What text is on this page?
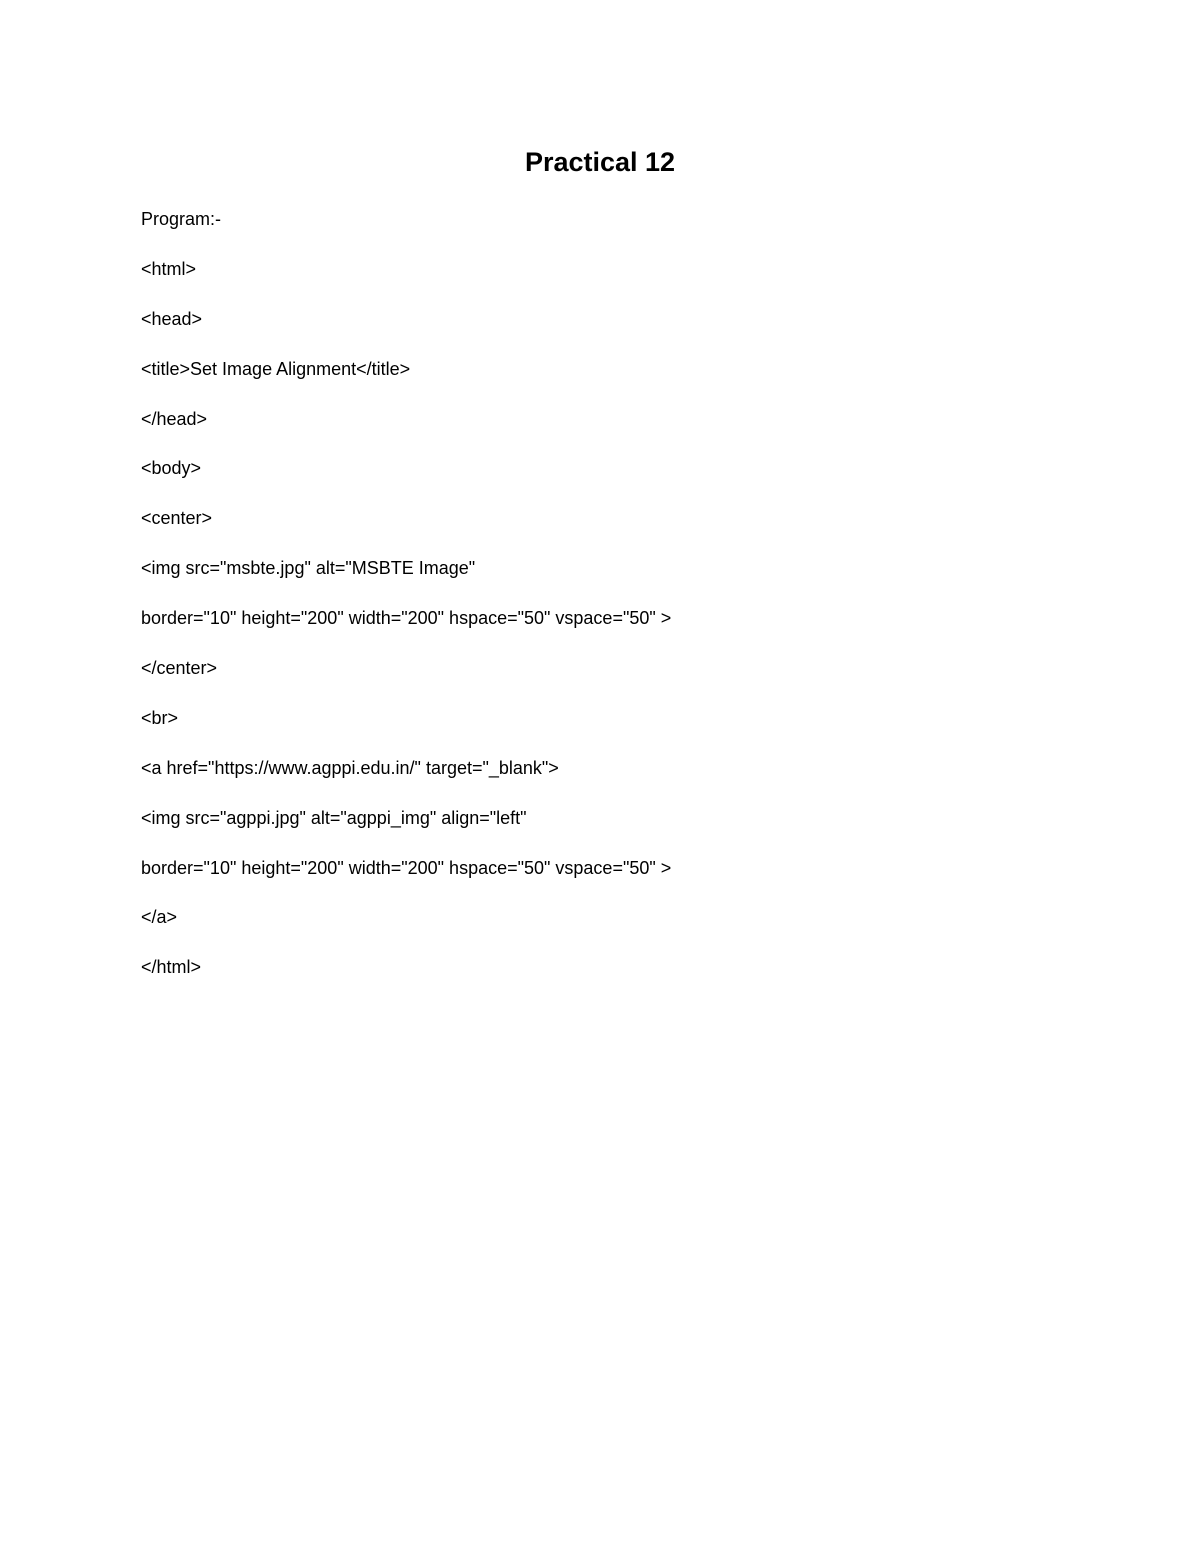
Practical 12
Program:-
<html>
<head>
<title>Set Image Alignment</title>
</head>
<body>
<center>
<img src="msbte.jpg" alt="MSBTE Image"
border="10" height="200" width="200" hspace="50" vspace="50" >
</center>
<br>
<a href="https://www.agppi.edu.in/" target="_blank">
<img src="agppi.jpg" alt="agppi_img" align="left"
border="10" height="200" width="200" hspace="50" vspace="50" >
</a>
</html>
